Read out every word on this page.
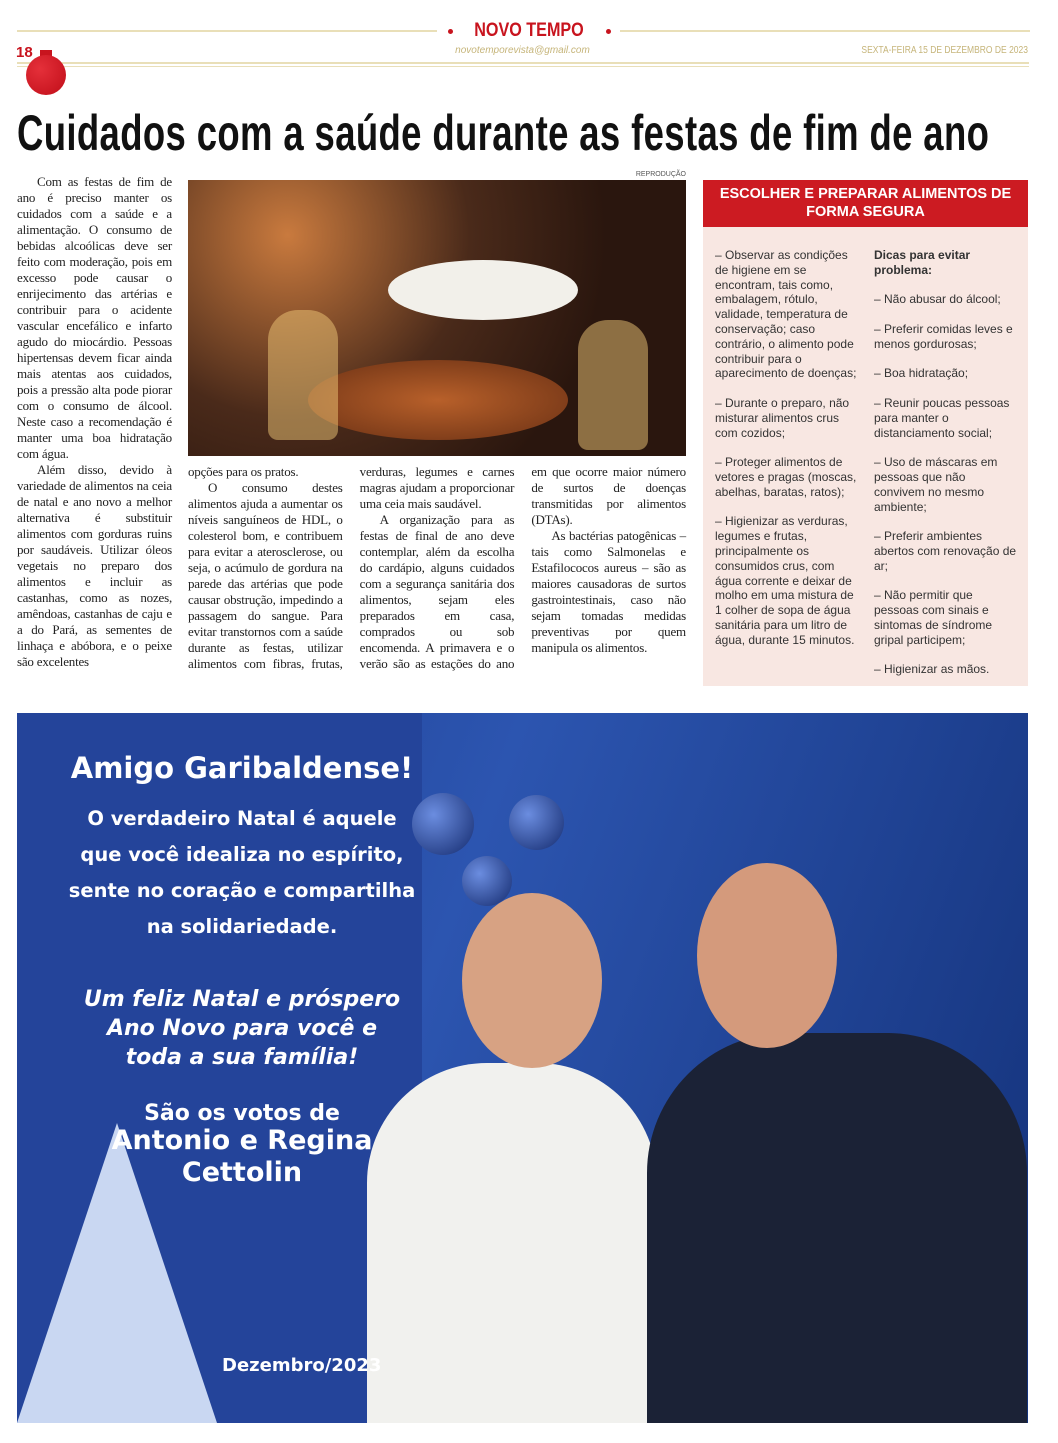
NOVO TEMPO
novotemporevista@gmail.com	SEXTA-FEIRA 15 DE DEZEMBRO DE 2023
18
Cuidados com a saúde durante as festas de fim de ano

Com as festas de fim de ano é preciso manter os cuidados com a saúde e a alimentação. O consumo de bebidas alcoólicas deve ser feito com moderação, pois em excesso pode causar o enrijecimento das artérias e contribuir para o acidente vascular encefálico e infarto agudo do miocárdio. Pessoas hipertensas devem ficar ainda mais atentas aos cuidados, pois a pressão alta pode piorar com o consumo de álcool. Neste caso a recomendação é manter uma boa hidratação com água.

Além disso, devido à variedade de alimentos na ceia de natal e ano novo a melhor alternativa é substituir alimentos com gorduras ruins por saudáveis. Utilizar óleos vegetais no preparo dos alimentos e incluir as castanhas, como as nozes, amêndoas, castanhas de caju e a do Pará, as sementes de linhaça e abóbora, e o peixe são excelentes

REPRODUÇÃO
opções para os pratos.

O consumo destes alimentos ajuda a aumentar os níveis sanguíneos de HDL, o colesterol bom, e contribuem para evitar a aterosclerose, ou seja, o acúmulo de gordura na parede das artérias que pode causar obstrução, impedindo a passagem do sangue. Para evitar transtornos com a saúde durante as festas, utilizar alimentos com fibras, frutas, verduras, legumes e carnes magras ajudam a proporcionar uma ceia mais saudável.

A organização para as festas de final de ano deve contemplar, além da escolha do cardápio, alguns cuidados com a segurança sanitária dos alimentos, sejam eles preparados em casa, comprados ou sob encomenda. A primavera e o verão são as estações do ano em que ocorre maior número de surtos de doenças transmitidas por alimentos (DTAs).

As bactérias patogênicas – tais como Salmonelas e Estafilococos aureus – são as maiores causadoras de surtos gastrointestinais, caso não sejam tomadas medidas preventivas por quem manipula os alimentos.

ESCOLHER E PREPARAR ALIMENTOS DE FORMA SEGURA
– Observar as condições de higiene em se encontram, tais como, embalagem, rótulo, validade, temperatura de conservação; caso contrário, o alimento pode contribuir para o aparecimento de doenças;
– Durante o preparo, não misturar alimentos crus com cozidos;
– Proteger alimentos de vetores e pragas (moscas, abelhas, baratas, ratos);
– Higienizar as verduras, legumes e frutas, principalmente os consumidos crus, com água corrente e deixar de molho em uma mistura de 1 colher de sopa de água sanitária para um litro de água, durante 15 minutos.
Dicas para evitar problema:
– Não abusar do álcool;
– Preferir comidas leves e menos gordurosas;
– Boa hidratação;
– Reunir poucas pessoas para manter o distanciamento social;
– Uso de máscaras em pessoas que não convivem no mesmo ambiente;
– Preferir ambientes abertos com renovação de ar;
– Não permitir que pessoas com sinais e sintomas de síndrome gripal participem;
– Higienizar as mãos.
Amigo Garibaldense!
O verdadeiro Natal é aquele
que você idealiza no espírito,
sente no coração e compartilha
na solidariedade.
Um feliz Natal e próspero
Ano Novo para você e
toda a sua família!
São os votos de
Antonio e Regina
Cettolin
Dezembro/2023
